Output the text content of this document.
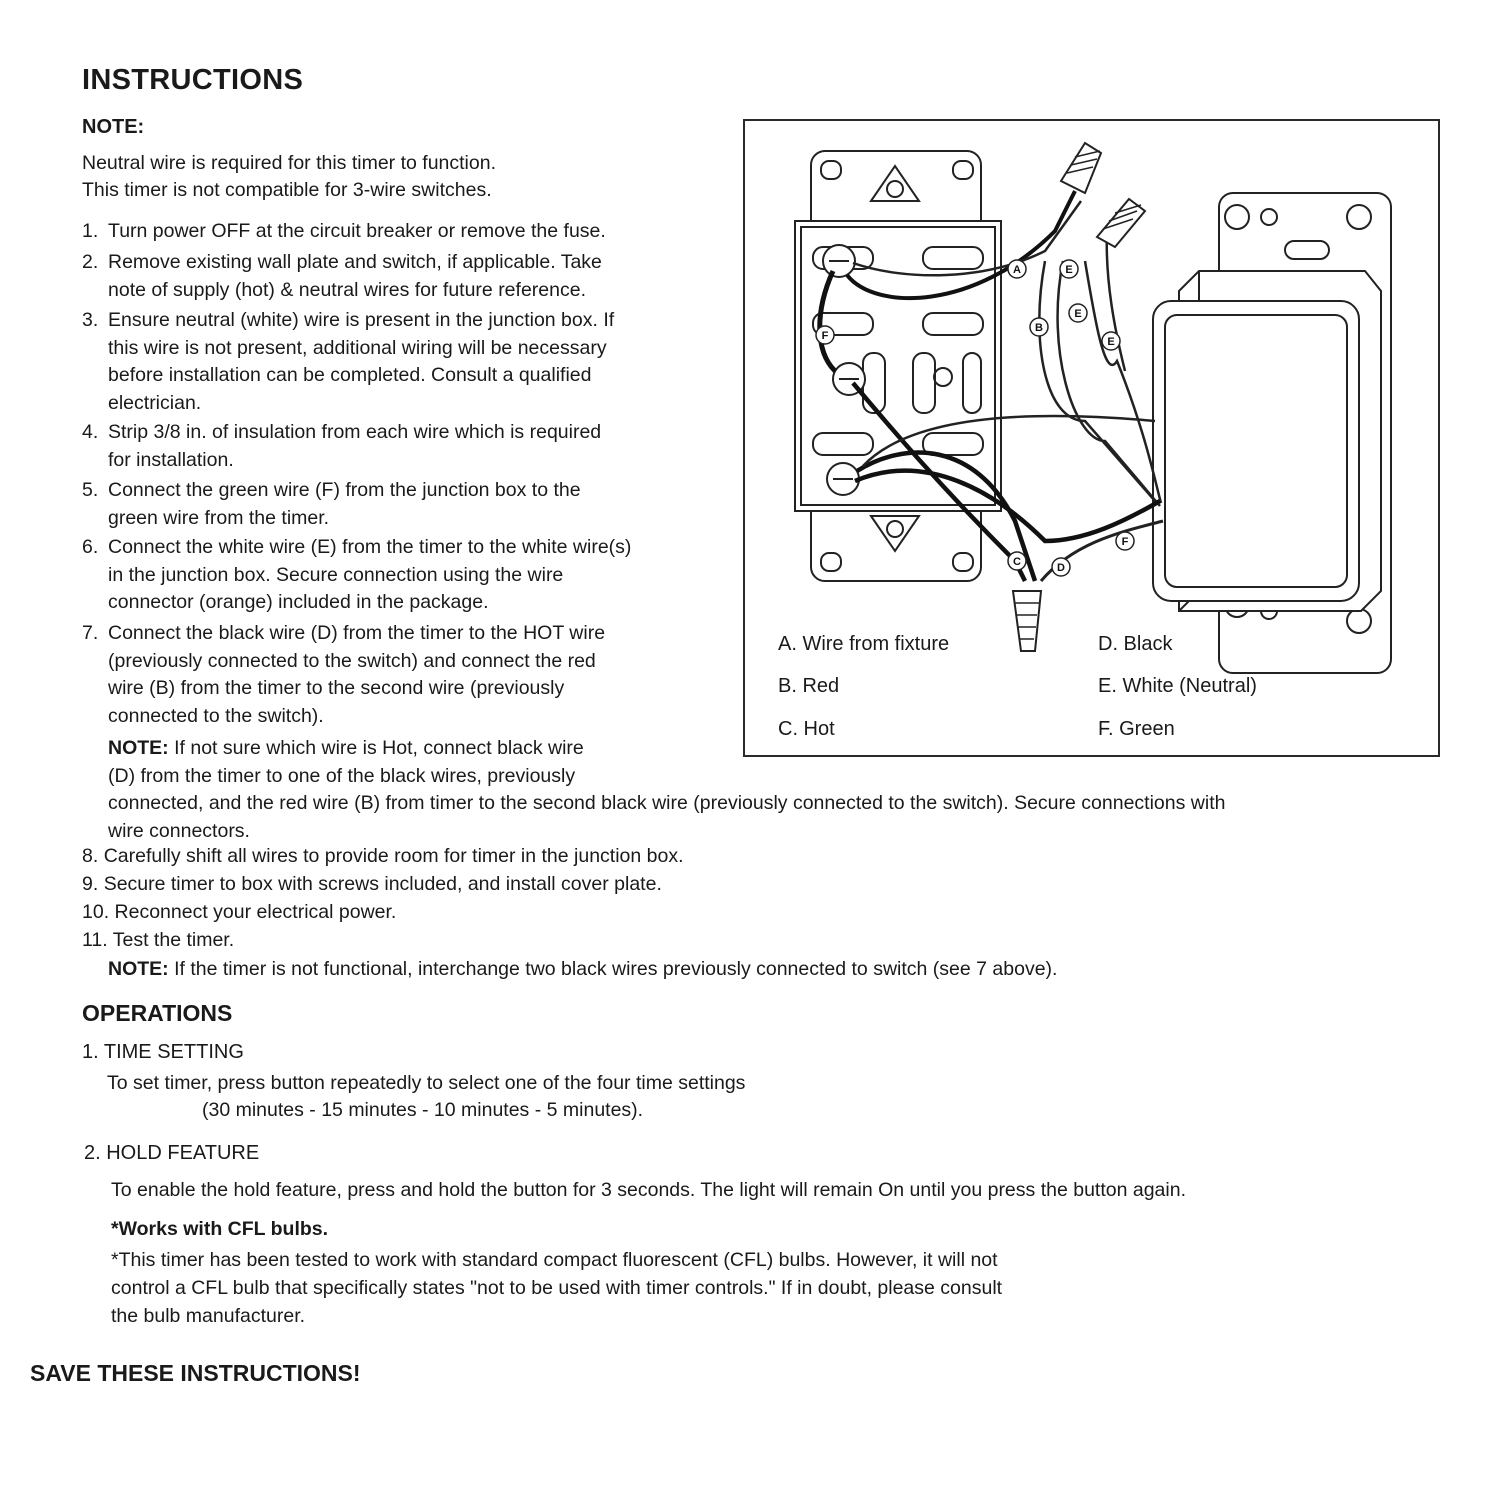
INSTRUCTIONS
NOTE:
Neutral wire is required for this timer to function.
This timer is not compatible for 3-wire switches.
1. Turn power OFF at the circuit breaker or remove the fuse.
2. Remove existing wall plate and switch, if applicable. Take
note of supply (hot) & neutral wires for future reference.
3. Ensure neutral (white) wire is present in the junction box. If
this wire is not present, additional wiring will be necessary
before installation can be completed. Consult a qualified
electrician.
4. Strip 3/8 in. of insulation from each wire which is required
for installation.
5. Connect the green wire (F) from the junction box to the
green wire from the timer.
6. Connect the white wire (E) from the timer to the white wire(s)
in the junction box. Secure connection using the wire
connector (orange) included in the package.
7. Connect the black wire (D) from the timer to the HOT wire
(previously connected to the switch) and connect the red
wire (B) from the timer to the second wire (previously
connected to the switch).
NOTE: If not sure which wire is Hot, connect black wire
(D) from the timer to one of the black wires, previously
connected, and the red wire (B) from timer to the second black wire (previously connected to the switch). Secure connections with
wire connectors.
8. Carefully shift all wires to provide room for timer in the junction box.
9. Secure timer to box with screws included, and install cover plate.
10. Reconnect your electrical power.
11. Test the timer.
NOTE: If the timer is not functional, interchange two black wires previously connected to switch (see 7 above).
OPERATIONS
1. TIME SETTING
To set timer, press button repeatedly to select one of the four time settings
(30 minutes - 15 minutes - 10 minutes - 5 minutes).
2. HOLD FEATURE
To enable the hold feature, press and hold the button for 3 seconds. The light will remain On until you press the button again.
*Works with CFL bulbs.
*This timer has been tested to work with standard compact fluorescent (CFL) bulbs. However, it will not
control a CFL bulb that specifically states "not to be used with timer controls." If in doubt, please consult
the bulb manufacturer.
SAVE THESE INSTRUCTIONS!
A	E
B
E
E
F
F
C	D
A. Wire from fixture
B. Red
C. Hot
D. Black
E. White (Neutral)
F. Green
